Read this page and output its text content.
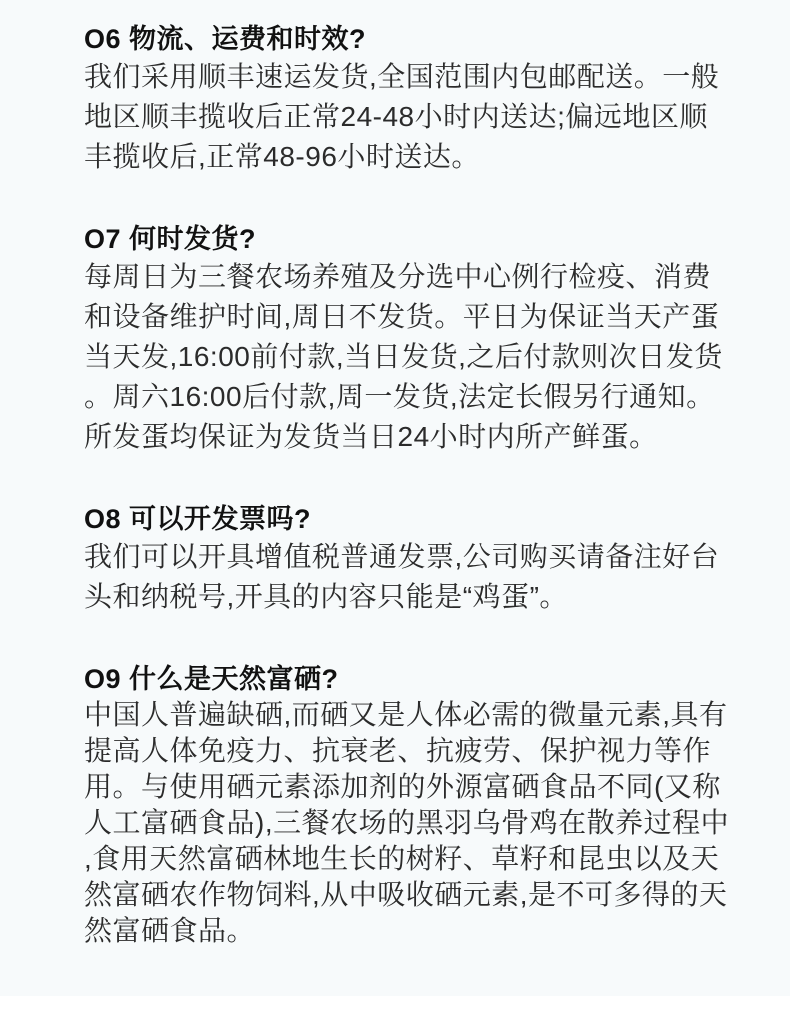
O6 物流、运费和时效?
我们采用顺丰速运发货,全国范围内包邮配送。一般
地区顺丰揽收后正常24-48小时内送达;偏远地区顺
丰揽收后,正常48-96小时送达。
O7 何时发货?
每周日为三餐农场养殖及分选中心例行检疫、消费
和设备维护时间,周日不发货。平日为保证当天产蛋
当天发,16:00前付款,当日发货,之后付款则次日发货
。周六16:00后付款,周一发货,法定长假另行通知。
所发蛋均保证为发货当日24小时内所产鲜蛋。
O8 可以开发票吗?
我们可以开具增值税普通发票,公司购买请备注好台
头和纳税号,开具的内容只能是“鸡蛋”。
O9 什么是天然富硒?
中国人普遍缺硒,而硒又是人体必需的微量元素,具有
提高人体免疫力、抗衰老、抗疲劳、保护视力等作
用。与使用硒元素添加剂的外源富硒食品不同(又称
人工富硒食品),三餐农场的黑羽乌骨鸡在散养过程中
,食用天然富硒林地生长的树籽、草籽和昆虫以及天
然富硒农作物饲料,从中吸收硒元素,是不可多得的天
然富硒食品。
